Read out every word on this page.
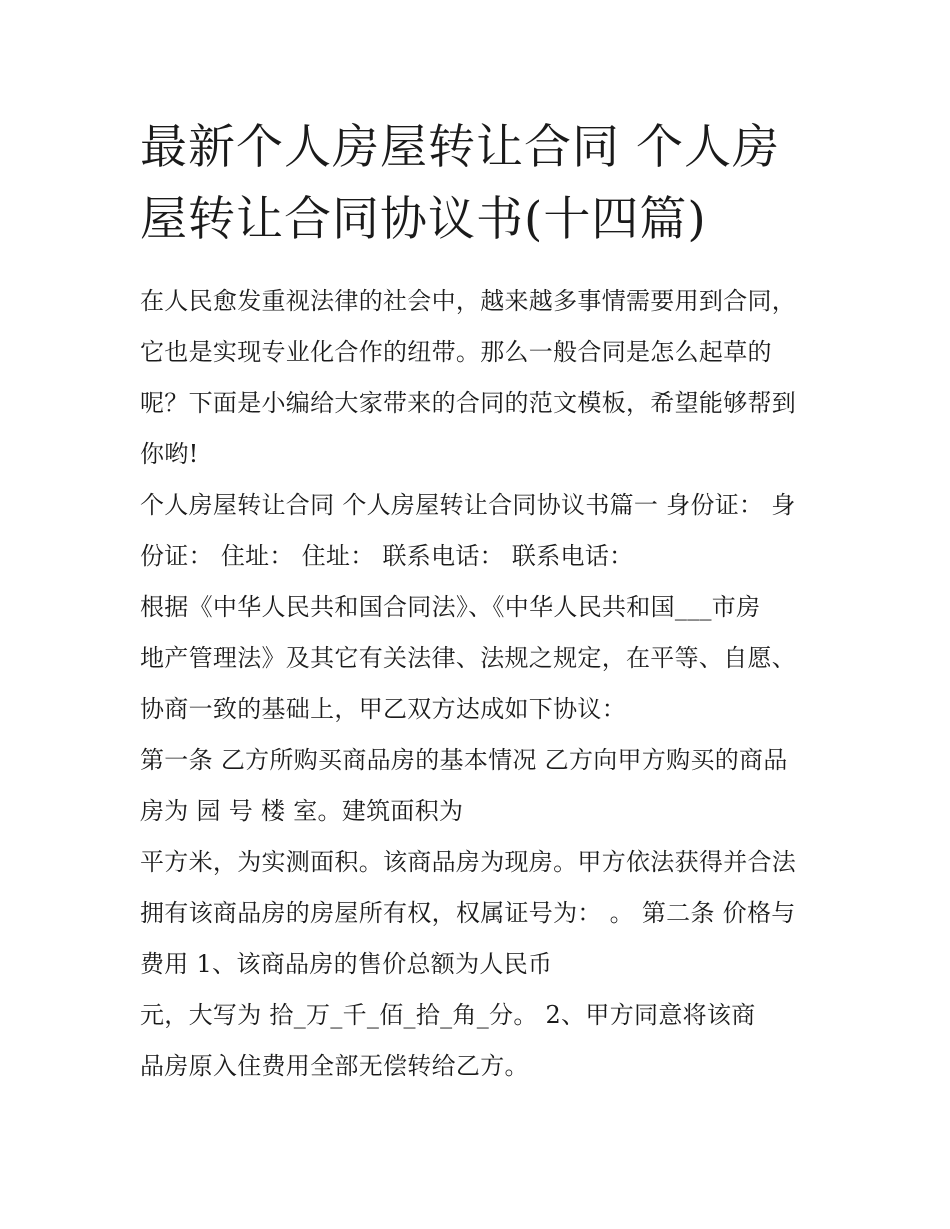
最新个人房屋转让合同 个人房
屋转让合同协议书(十四篇)
在人民愈发重视法律的社会中，越来越多事情需要用到合同，
它也是实现专业化合作的纽带。那么一般合同是怎么起草的
呢？下面是小编给大家带来的合同的范文模板，希望能够帮到
你哟!
个人房屋转让合同 个人房屋转让合同协议书篇一 身份证： 身
份证： 住址： 住址： 联系电话： 联系电话：
根据《中华人民共和国合同法》、《中华人民共和国___市房
地产管理法》及其它有关法律、法规之规定，在平等、自愿、
协商一致的基础上，甲乙双方达成如下协议：
第一条 乙方所购买商品房的基本情况 乙方向甲方购买的商品
房为 园 号 楼 室。建筑面积为
平方米，为实测面积。该商品房为现房。甲方依法获得并合法
拥有该商品房的房屋所有权，权属证号为： 。 第二条 价格与
费用 1、该商品房的售价总额为人民币
元，大写为 拾_万_千_佰_拾_角_分。 2、甲方同意将该商
品房原入住费用全部无偿转给乙方。
